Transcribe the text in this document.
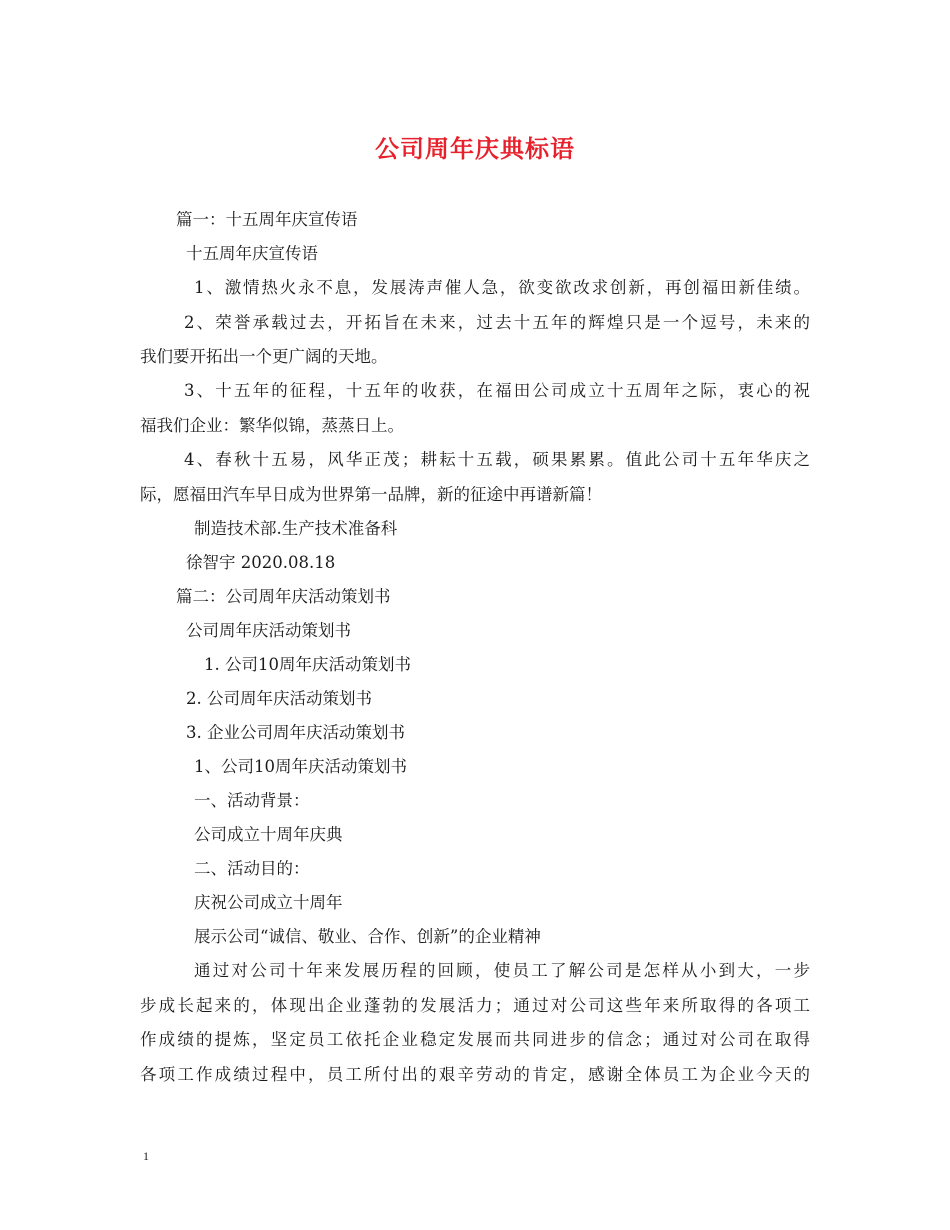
公司周年庆典标语
篇一：十五周年庆宣传语
十五周年庆宣传语
1、激情热火永不息，发展涛声催人急，欲变欲改求创新，再创福田新佳绩。
2、荣誉承载过去，开拓旨在未来，过去十五年的辉煌只是一个逗号，未来的
我们要开拓出一个更广阔的天地。
3、十五年的征程，十五年的收获，在福田公司成立十五周年之际，衷心的祝
福我们企业：繁华似锦，蒸蒸日上。
4、春秋十五易，风华正茂；耕耘十五载，硕果累累。值此公司十五年华庆之
际，愿福田汽车早日成为世界第一品牌，新的征途中再谱新篇！
制造技术部.生产技术准备科
徐智宇 2020.08.18
篇二：公司周年庆活动策划书
公司周年庆活动策划书
1. 公司10周年庆活动策划书
2. 公司周年庆活动策划书
3. 企业公司周年庆活动策划书
1、公司10周年庆活动策划书
一、活动背景：
公司成立十周年庆典
二、活动目的：
庆祝公司成立十周年
展示公司“诚信、敬业、合作、创新”的企业精神
通过对公司十年来发展历程的回顾，使员工了解公司是怎样从小到大，一步
步成长起来的，体现出企业蓬勃的发展活力；通过对公司这些年来所取得的各项工
作成绩的提炼，坚定员工依托企业稳定发展而共同进步的信念；通过对公司在取得
各项工作成绩过程中，员工所付出的艰辛劳动的肯定，感谢全体员工为企业今天的
1
